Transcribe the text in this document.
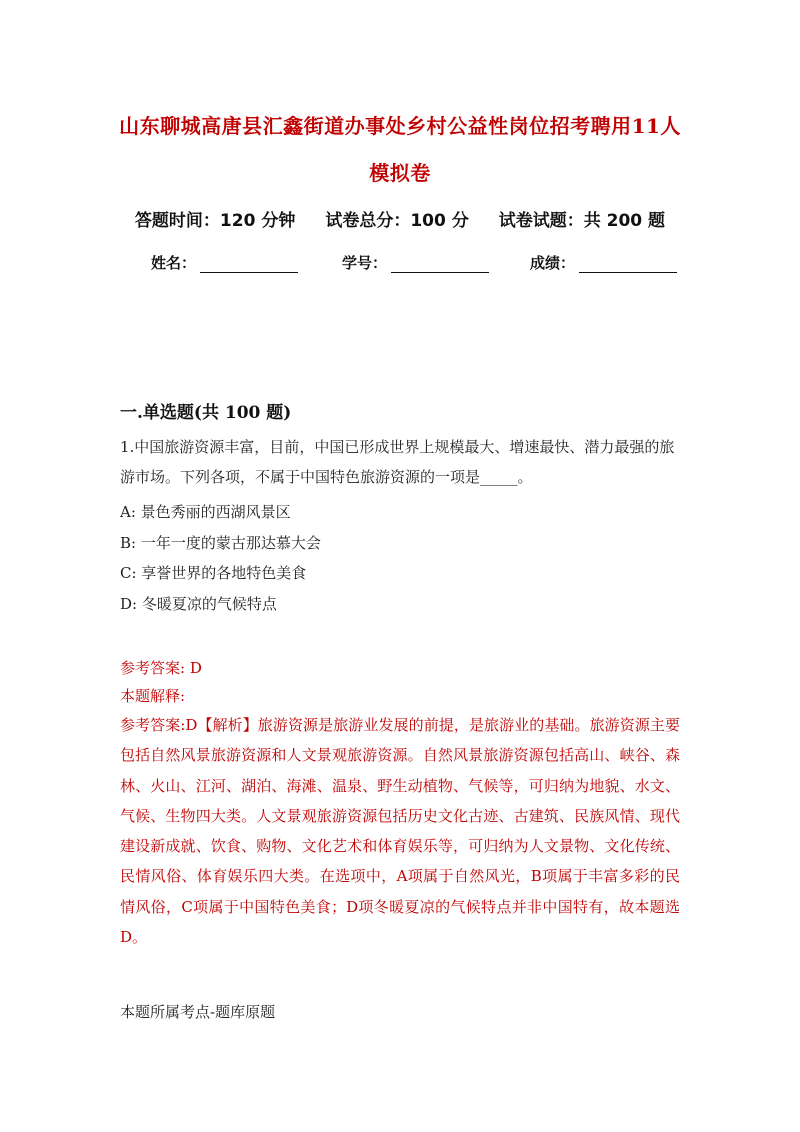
山东聊城高唐县汇鑫街道办事处乡村公益性岗位招考聘用11人模拟卷
答题时间：120 分钟 试卷总分：100 分 试卷试题：共 200 题
姓名：	学号：	成绩：
一.单选题(共 100 题)
1.中国旅游资源丰富，目前，中国已形成世界上规模最大、增速最快、潜力最强的旅游市场。下列各项，不属于中国特色旅游资源的一项是_____。
A: 景色秀丽的西湖风景区
B: 一年一度的蒙古那达慕大会
C: 享誉世界的各地特色美食
D: 冬暖夏凉的气候特点
参考答案: D
本题解释:
参考答案:D【解析】旅游资源是旅游业发展的前提，是旅游业的基础。旅游资源主要包括自然风景旅游资源和人文景观旅游资源。自然风景旅游资源包括高山、峡谷、森林、火山、江河、湖泊、海滩、温泉、野生动植物、气候等，可归纳为地貌、水文、气候、生物四大类。人文景观旅游资源包括历史文化古迹、古建筑、民族风情、现代建设新成就、饮食、购物、文化艺术和体育娱乐等，可归纳为人文景物、文化传统、民情风俗、体育娱乐四大类。在选项中，A项属于自然风光，B项属于丰富多彩的民情风俗，C项属于中国特色美食；D项冬暖夏凉的气候特点并非中国特有，故本题选D。
本题所属考点-题库原题
